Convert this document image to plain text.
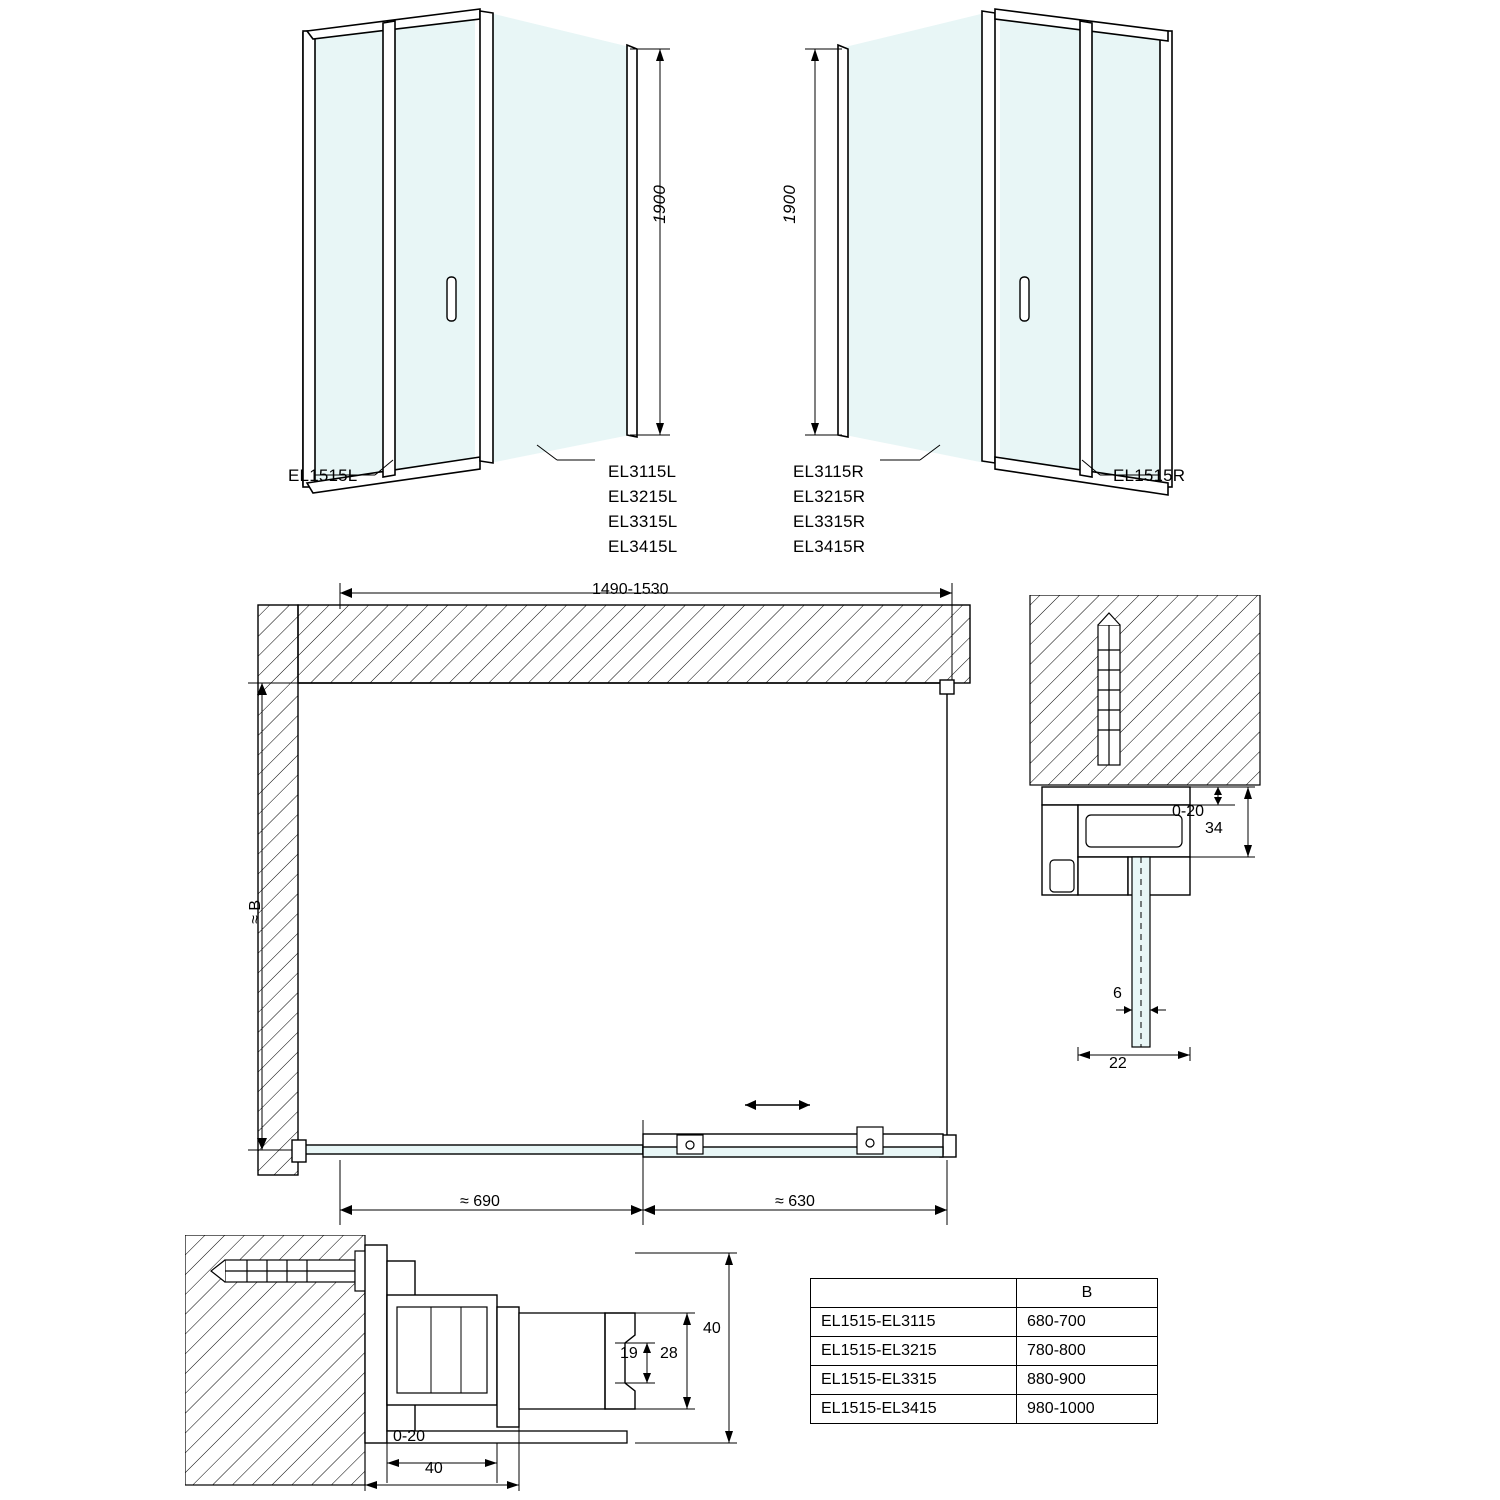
1900
EL1515L	EL3115L
EL3215L
EL3315L
EL3415L
1900
EL3115R
EL3215R
EL3315R
EL3415R
EL1515R
1490-1530
≈ B
≈ 690	≈ 630
0-20
34
6
22
19 28
40
0-20
40
	B
EL1515-EL3115	680-700
EL1515-EL3215	780-800
EL1515-EL3315	880-900
EL1515-EL3415	980-1000
